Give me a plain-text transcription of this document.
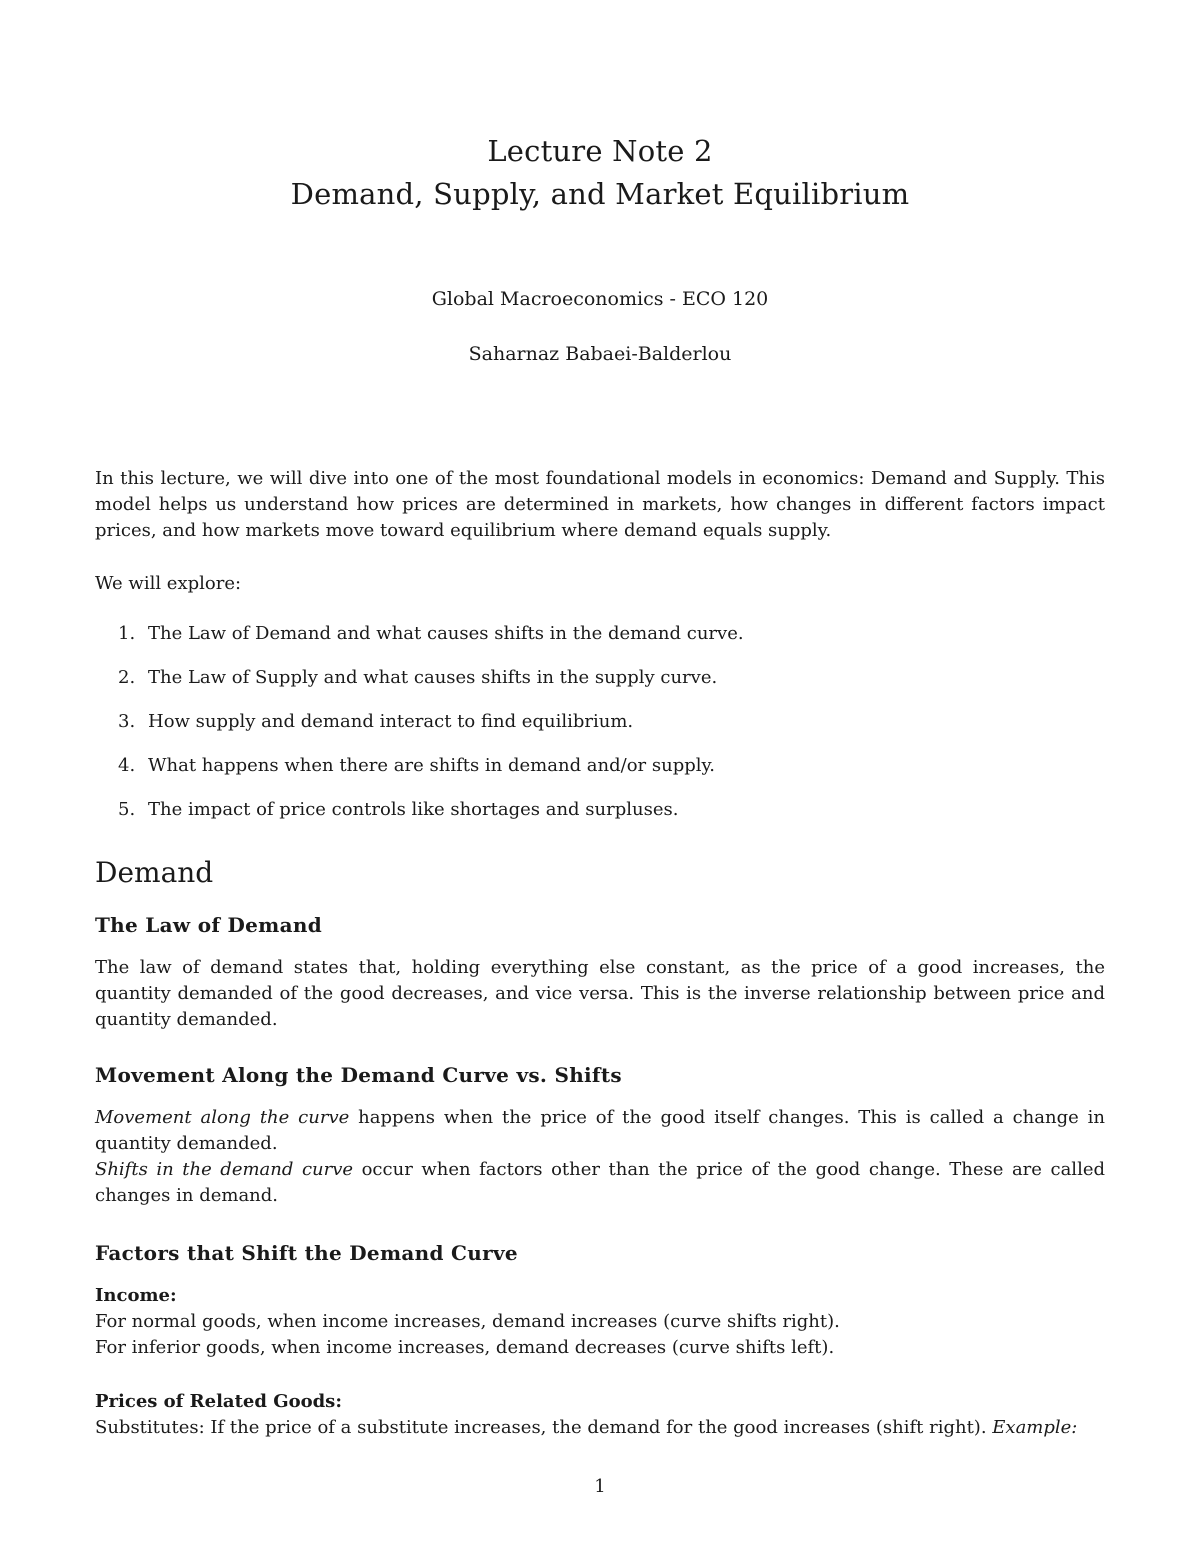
Lecture Note 2
Demand, Supply, and Market Equilibrium

Global Macroeconomics - ECO 120

Saharnaz Babaei-Balderlou

In this lecture, we will dive into one of the most foundational models in economics: Demand and Supply. This model helps us understand how prices are determined in markets, how changes in different factors impact prices, and how markets move toward equilibrium where demand equals supply.

We will explore:

1. The Law of Demand and what causes shifts in the demand curve.
2. The Law of Supply and what causes shifts in the supply curve.
3. How supply and demand interact to find equilibrium.
4. What happens when there are shifts in demand and/or supply.
5. The impact of price controls like shortages and surpluses.
Demand
The Law of Demand

The law of demand states that, holding everything else constant, as the price of a good increases, the quantity demanded of the good decreases, and vice versa. This is the inverse relationship between price and quantity demanded.

Movement Along the Demand Curve vs. Shifts
Movement along the curve happens when the price of the good itself changes. This is called a change in quantity demanded.
Shifts in the demand curve occur when factors other than the price of the good change. These are called changes in demand.
Factors that Shift the Demand Curve

Income:

For normal goods, when income increases, demand increases (curve shifts right).
For inferior goods, when income increases, demand decreases (curve shifts left).

Prices of Related Goods:

Substitutes: If the price of a substitute increases, the demand for the good increases (shift right). Example:

1
